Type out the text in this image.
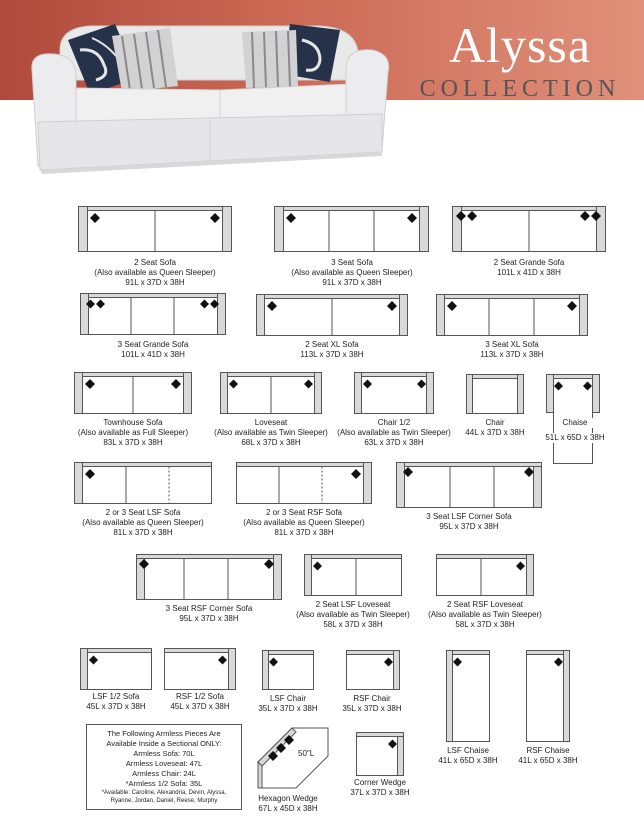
Alyssa
COLLECTION
2 Seat Sofa
(Also available as Queen Sleeper)
91L x 37D x 38H
3 Seat Sofa
(Also available as Queen Sleeper)
91L x 37D x 38H
2 Seat Grande Sofa
101L x 41D x 38H
3 Seat Grande Sofa
101L x 41D x 38H
2 Seat XL Sofa
113L x 37D x 38H
3 Seat XL Sofa
113L x 37D x 38H
Townhouse Sofa
(Also available as Full Sleeper)
83L x 37D x 38H
Loveseat
(Also available as Twin Sleeper)
68L x 37D x 38H
Chair 1/2
(Also available as Twin Sleeper)
63L x 37D x 38H
Chair
44L x 37D x 38H
Chaise
51L x 65D x 38H
2 or 3 Seat LSF Sofa
(Also available as Queen Sleeper)
81L x 37D x 38H
2 or 3 Seat RSF Sofa
(Also available as Queen Sleeper)
81L x 37D x 38H
3 Seat LSF Corner Sofa
95L x 37D x 38H
3 Seat RSF Corner Sofa
95L x 37D x 38H
2 Seat LSF Loveseat
(Also available as Twin Sleeper)
58L x 37D x 38H
2 Seat RSF Loveseat
(Also available as Twin Sleeper)
58L x 37D x 38H
LSF 1/2 Sofa
45L x 37D x 38H
RSF 1/2 Sofa
45L x 37D x 38H
LSF Chair
35L x 37D x 38H
RSF Chair
35L x 37D x 38H
LSF Chaise
41L x 65D x 38H
RSF Chaise
41L x 65D x 38H
The Following Armless Pieces Are
Available Inside a Sectional ONLY:
Armless Sofa: 70L
Armless Loveseat: 47L
Armless Chair: 24L
*Armless 1/2 Sofa: 35L
*Available: Caroline, Alexandria, Devin, Alyssa,
Ryanne, Jordan, Daniel, Reese, Murphy
50"L
Hexagon Wedge
67L x 45D x 38H
Corner Wedge
37L x 37D x 38H
